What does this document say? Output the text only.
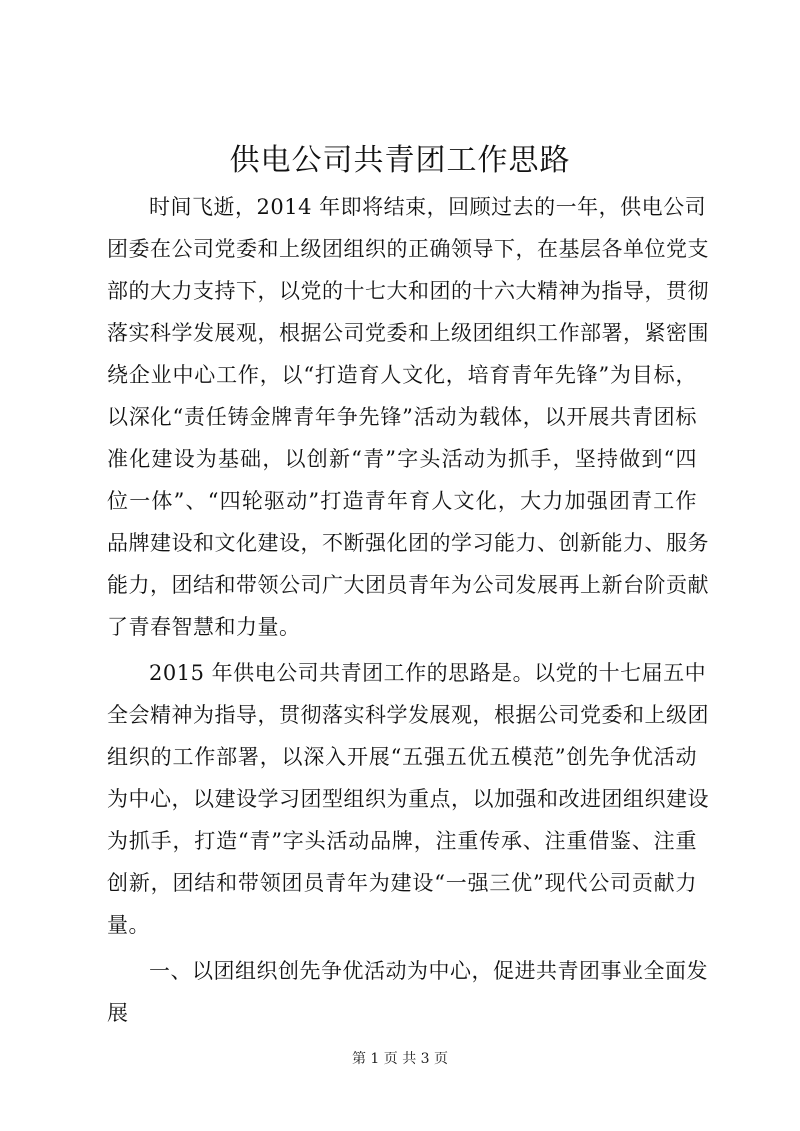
供电公司共青团工作思路
时间飞逝，2014 年即将结束，回顾过去的一年，供电公司
团委在公司党委和上级团组织的正确领导下，在基层各单位党支
部的大力支持下，以党的十七大和团的十六大精神为指导，贯彻
落实科学发展观，根据公司党委和上级团组织工作部署，紧密围
绕企业中心工作，以“打造育人文化，培育青年先锋”为目标，
以深化“责任铸金牌青年争先锋”活动为载体，以开展共青团标
准化建设为基础，以创新“青”字头活动为抓手，坚持做到“四
位一体”、“四轮驱动”打造青年育人文化，大力加强团青工作
品牌建设和文化建设，不断强化团的学习能力、创新能力、服务
能力，团结和带领公司广大团员青年为公司发展再上新台阶贡献
了青春智慧和力量。
2015 年供电公司共青团工作的思路是。以党的十七届五中
全会精神为指导，贯彻落实科学发展观，根据公司党委和上级团
组织的工作部署，以深入开展“五强五优五模范”创先争优活动
为中心，以建设学习团型组织为重点，以加强和改进团组织建设
为抓手，打造“青”字头活动品牌，注重传承、注重借鉴、注重
创新，团结和带领团员青年为建设“一强三优”现代公司贡献力
量。
一、以团组织创先争优活动为中心，促进共青团事业全面发
展
第 1 页 共 3 页
